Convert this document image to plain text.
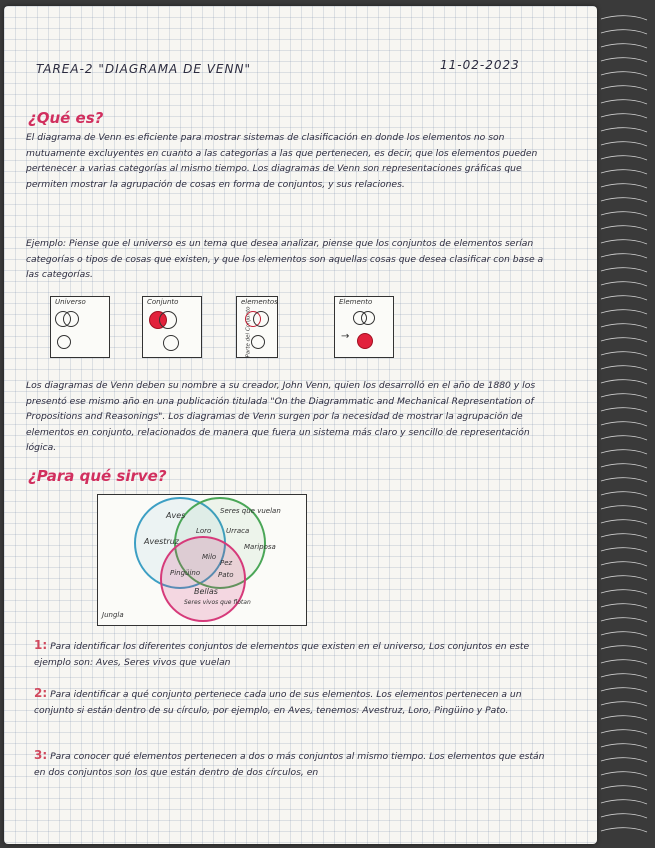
TAREA-2 "DIAGRAMA DE VENN"	11-02-2023
¿Qué es?
El diagrama de Venn es eficiente para mostrar sistemas de clasificación en donde los elementos no son mutuamente excluyentes en cuanto a las categorías a las que pertenecen, es decir, que los elementos pueden pertenecer a varias categorías al mismo tiempo. Los diagramas de Venn son representaciones gráficas que permiten mostrar la agrupación de cosas en forma de conjuntos, y sus relaciones.
Ejemplo: Piense que el universo es un tema que desea analizar, piense que los conjuntos de elementos serían categorías o tipos de cosas que existen, y que los elementos son aquellas cosas que desea clasificar con base a las categorías.
Universo	Conjunto	elementos
Parte del Conjunto
Elemento
→
Los diagramas de Venn deben su nombre a su creador, John Venn, quien los desarrolló en el año de 1880 y los presentó ese mismo año en una publicación titulada "On the Diagrammatic and Mechanical Representation of Propositions and Reasonings". Los diagramas de Venn surgen por la necesidad de mostrar la agrupación de elementos en conjunto, relacionados de manera que fuera un sistema más claro y sencillo de representación lógica.
¿Para qué sirve?
Aves	Seres que vuelan
Urraca
Avestruz
Loro
Mariposa
Pingüino
Milo
Pez
Pato
Bellas
Seres vivos que flotan
Jungla
1: Para identificar los diferentes conjuntos de elementos que existen en el universo, Los conjuntos en este ejemplo son: Aves, Seres vivos que vuelan
2: Para identificar a qué conjunto pertenece cada uno de sus elementos. Los elementos pertenecen a un conjunto si están dentro de su círculo, por ejemplo, en Aves, tenemos: Avestruz, Loro, Pingüino y Pato.
3: Para conocer qué elementos pertenecen a dos o más conjuntos al mismo tiempo. Los elementos que están en dos conjuntos son los que están dentro de dos círculos, en
